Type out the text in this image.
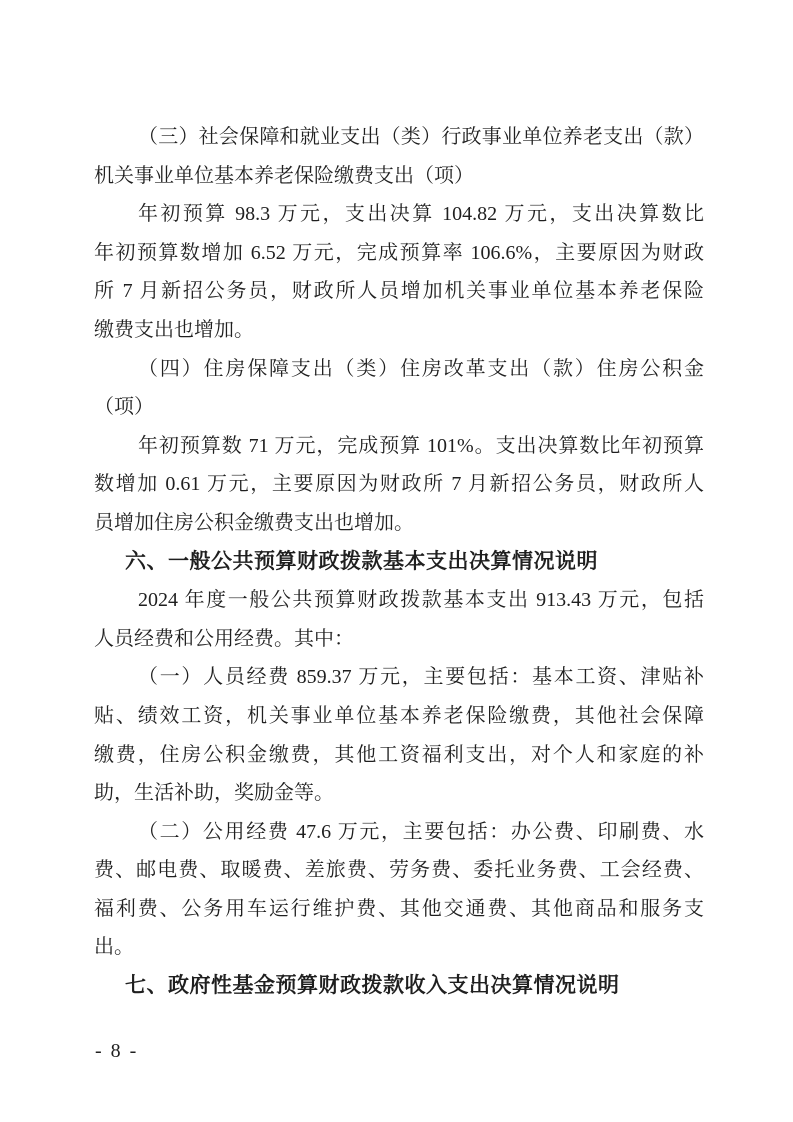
（三）社会保障和就业支出（类）行政事业单位养老支出（款）
机关事业单位基本养老保险缴费支出（项）
年初预算 98.3 万元，支出决算 104.82 万元，支出决算数比
年初预算数增加 6.52 万元，完成预算率 106.6%，主要原因为财政
所 7 月新招公务员，财政所人员增加机关事业单位基本养老保险
缴费支出也增加。
（四）住房保障支出（类）住房改革支出（款）住房公积金
（项）
年初预算数 71 万元，完成预算 101%。支出决算数比年初预算
数增加 0.61 万元，主要原因为财政所 7 月新招公务员，财政所人
员增加住房公积金缴费支出也增加。
六、一般公共预算财政拨款基本支出决算情况说明
2024 年度一般公共预算财政拨款基本支出 913.43 万元，包括
人员经费和公用经费。其中：
（一）人员经费 859.37 万元，主要包括：基本工资、津贴补
贴、绩效工资，机关事业单位基本养老保险缴费，其他社会保障
缴费，住房公积金缴费，其他工资福利支出，对个人和家庭的补
助，生活补助，奖励金等。
（二）公用经费 47.6 万元，主要包括：办公费、印刷费、水
费、邮电费、取暖费、差旅费、劳务费、委托业务费、工会经费、
福利费、公务用车运行维护费、其他交通费、其他商品和服务支
出。
七、政府性基金预算财政拨款收入支出决算情况说明
- 8 -
